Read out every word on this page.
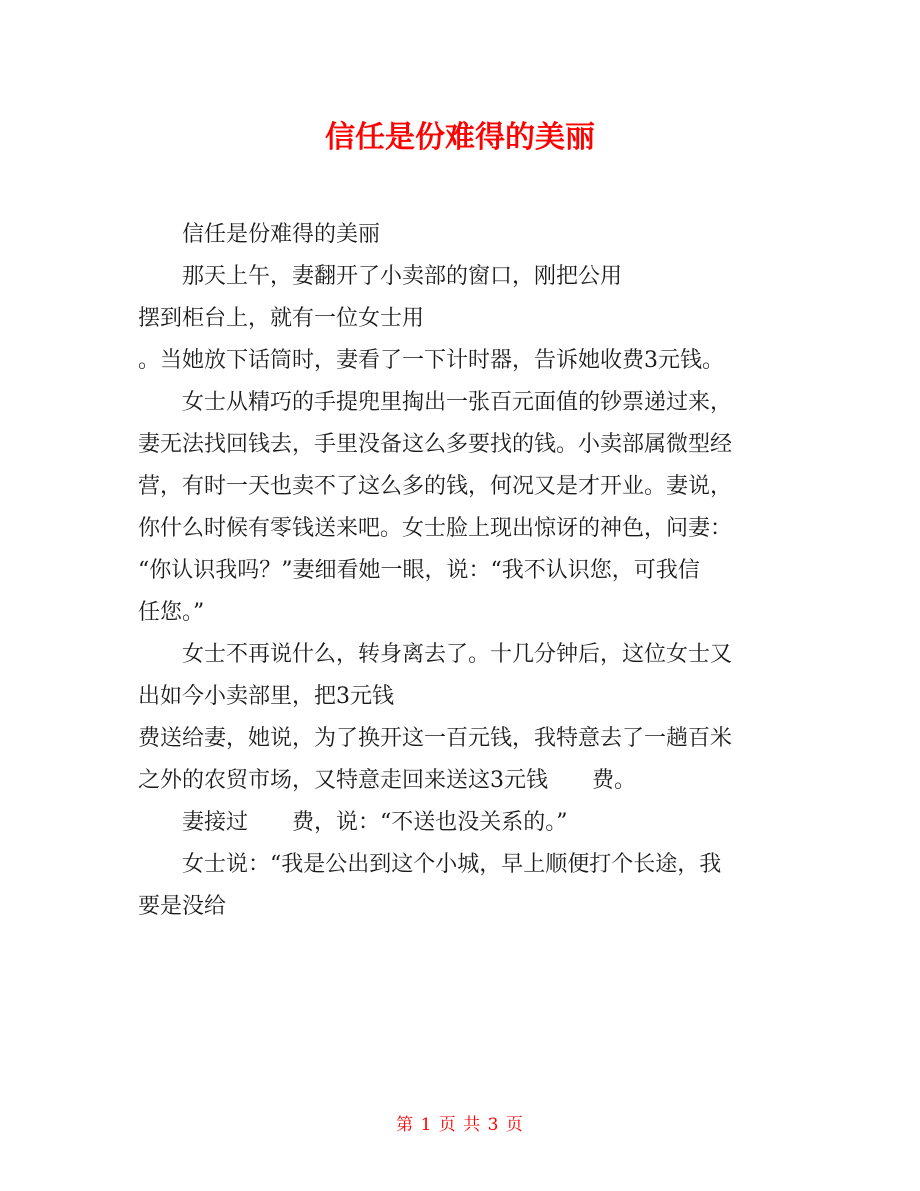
信任是份难得的美丽
信任是份难得的美丽
那天上午，妻翻开了小卖部的窗口，刚把公用
摆到柜台上，就有一位女士用
。当她放下话筒时，妻看了一下计时器，告诉她收费3元钱。
女士从精巧的手提兜里掏出一张百元面值的钞票递过来，
妻无法找回钱去，手里没备这么多要找的钱。小卖部属微型经
营，有时一天也卖不了这么多的钱，何况又是才开业。妻说，
你什么时候有零钱送来吧。女士脸上现出惊讶的神色，问妻：
“你认识我吗？”妻细看她一眼，说：“我不认识您，可我信
任您。”
女士不再说什么，转身离去了。十几分钟后，这位女士又
出如今小卖部里，把3元钱
费送给妻，她说，为了换开这一百元钱，我特意去了一趟百米
之外的农贸市场，又特意走回来送这3元钱　　费。
妻接过　　费，说：“不送也没关系的。”
女士说：“我是公出到这个小城，早上顺便打个长途，我
要是没给
第 1 页 共 3 页
